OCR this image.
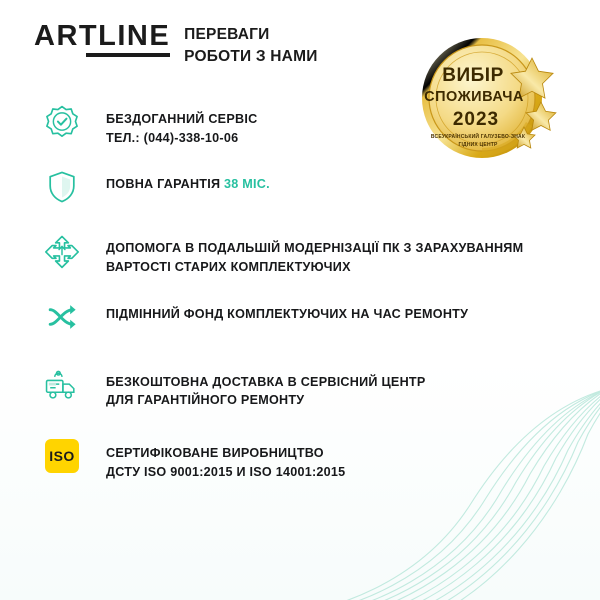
ARTLINE ПЕРЕВАГИ
РОБОТИ З НАМИ
ВИБІР
СПОЖИВАЧА
2023
ВСЕУКРАЇНСЬКИЙ ГАЛУЗЕВО-ЗНАК ГІДНИХ ЦЕНТР
БЕЗДОГАННИЙ СЕРВІС
ТЕЛ.: (044)-338-10-06
ПОВНА ГАРАНТІЯ 38 МІС.
ДОПОМОГА В ПОДАЛЬШІЙ МОДЕРНІЗАЦІЇ ПК З ЗАРАХУВАННЯМ
ВАРТОСТІ СТАРИХ КОМПЛЕКТУЮЧИХ
ПІДМІННИЙ ФОНД КОМПЛЕКТУЮЧИХ НА ЧАС РЕМОНТУ
БЕЗКОШТОВНА ДОСТАВКА В СЕРВІСНИЙ ЦЕНТР
ДЛЯ ГАРАНТІЙНОГО РЕМОНТУ
ISO	СЕРТИФІКОВАНЕ ВИРОБНИЦТВО
ДСТУ ISO 9001:2015 И ISO 14001:2015
